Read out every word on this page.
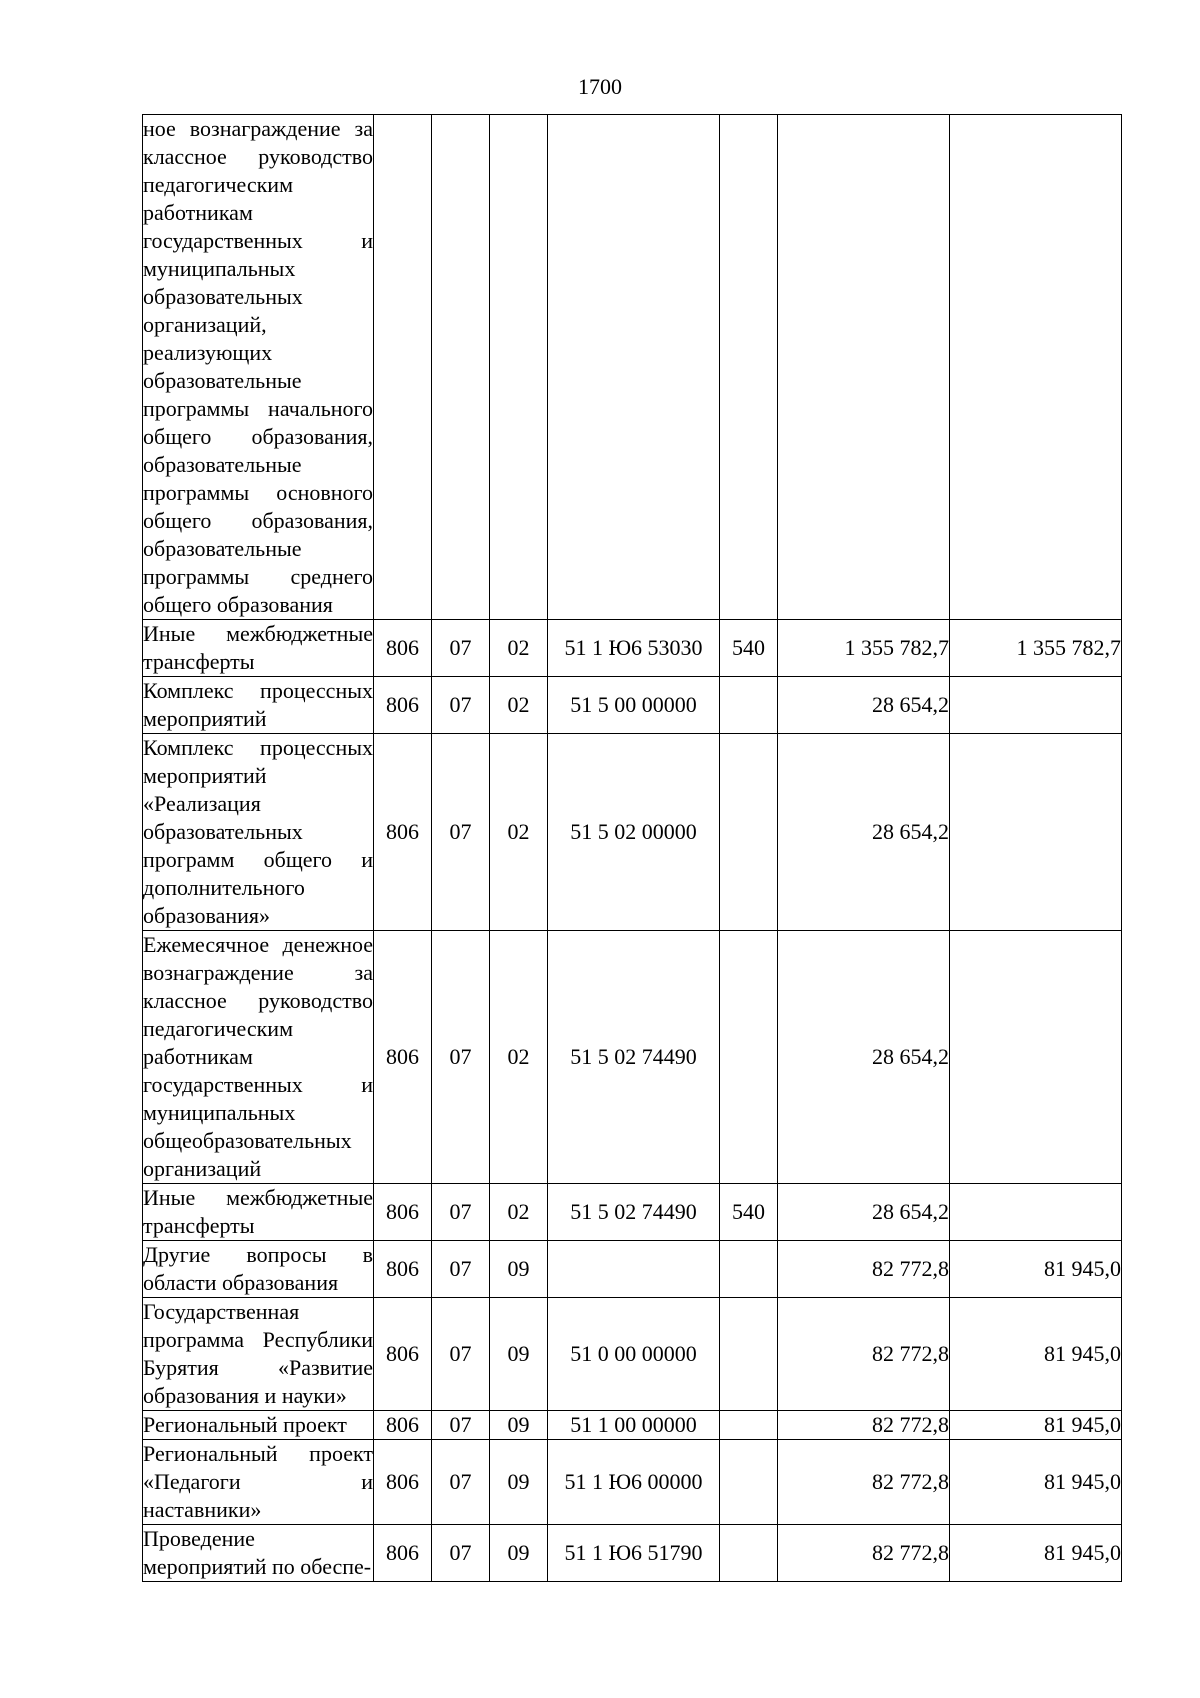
1700
ное вознаграждение за классное руководство педагогическим работникам государственных и муниципальных образовательных организаций, реализующих образовательные программы начального общего образования, образовательные программы основного общего образования, образовательные программы среднего общего образования							
Иные межбюджетные трансферты	806	07	02	51 1 Ю6 53030	540	1 355 782,7	1 355 782,7
Комплекс процессных мероприятий	806	07	02	51 5 00 00000		28 654,2	
Комплекс процессных мероприятий «Реализация образовательных программ общего и дополнительного образования»	806	07	02	51 5 02 00000		28 654,2	
Ежемесячное денежное вознаграждение за классное руководство педагогическим работникам государственных и муниципальных общеобразовательных организаций	806	07	02	51 5 02 74490		28 654,2	
Иные межбюджетные трансферты	806	07	02	51 5 02 74490	540	28 654,2	
Другие вопросы в области образования	806	07	09			82 772,8	81 945,0
Государственная программа Республики Бурятия «Развитие образования и науки»	806	07	09	51 0 00 00000		82 772,8	81 945,0
Региональный проект	806	07	09	51 1 00 00000		82 772,8	81 945,0
Региональный проект «Педагоги и наставники»	806	07	09	51 1 Ю6 00000		82 772,8	81 945,0
Проведение мероприятий по обеспе-	806	07	09	51 1 Ю6 51790		82 772,8	81 945,0
